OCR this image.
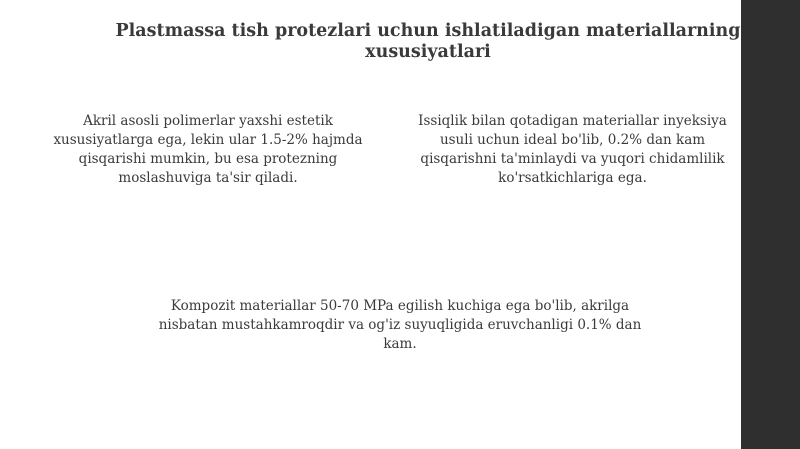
Plastmassa tish protezlari uchun ishlatiladigan materiallarning
xususiyatlari

Akril asosli polimerlar yaxshi estetik xususiyatlarga ega, lekin ular 1.5-2% hajmda qisqarishi mumkin, bu esa protezning moslashuviga ta'sir qiladi.

Issiqlik bilan qotadigan materiallar inyeksiya usuli uchun ideal bo'lib, 0.2% dan kam qisqarishni ta'minlaydi va yuqori chidamlilik ko'rsatkichlariga ega.

Kompozit materiallar 50-70 MPa egilish kuchiga ega bo'lib, akrilga nisbatan mustahkamroqdir va og'iz suyuqligida eruvchanligi 0.1% dan kam.
